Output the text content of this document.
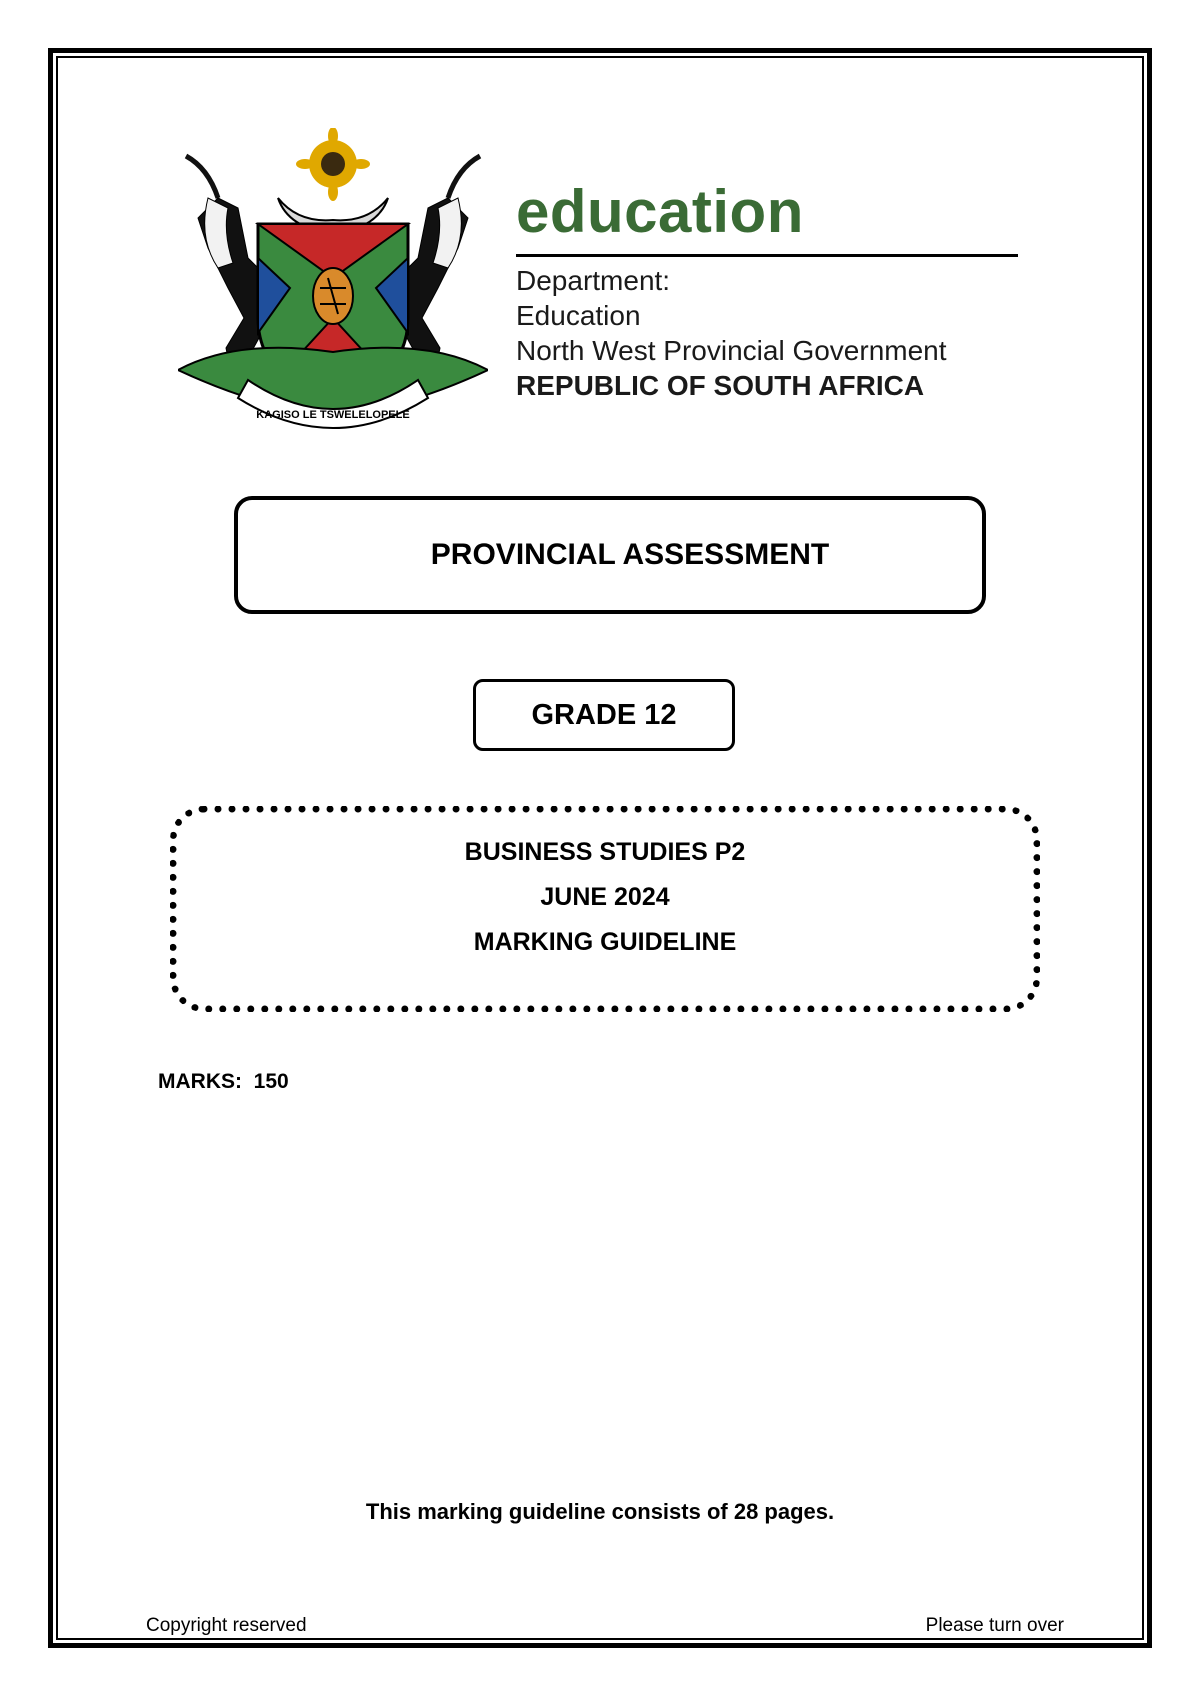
KAGISO LE TSWELELOPELE
education
Department:
Education
North West Provincial Government
REPUBLIC OF SOUTH AFRICA
PROVINCIAL ASSESSMENT
GRADE 12
BUSINESS STUDIES P2
JUNE 2024
MARKING GUIDELINE
MARKS:  150
This marking guideline consists of 28 pages.
Copyright reserved	Please turn over
